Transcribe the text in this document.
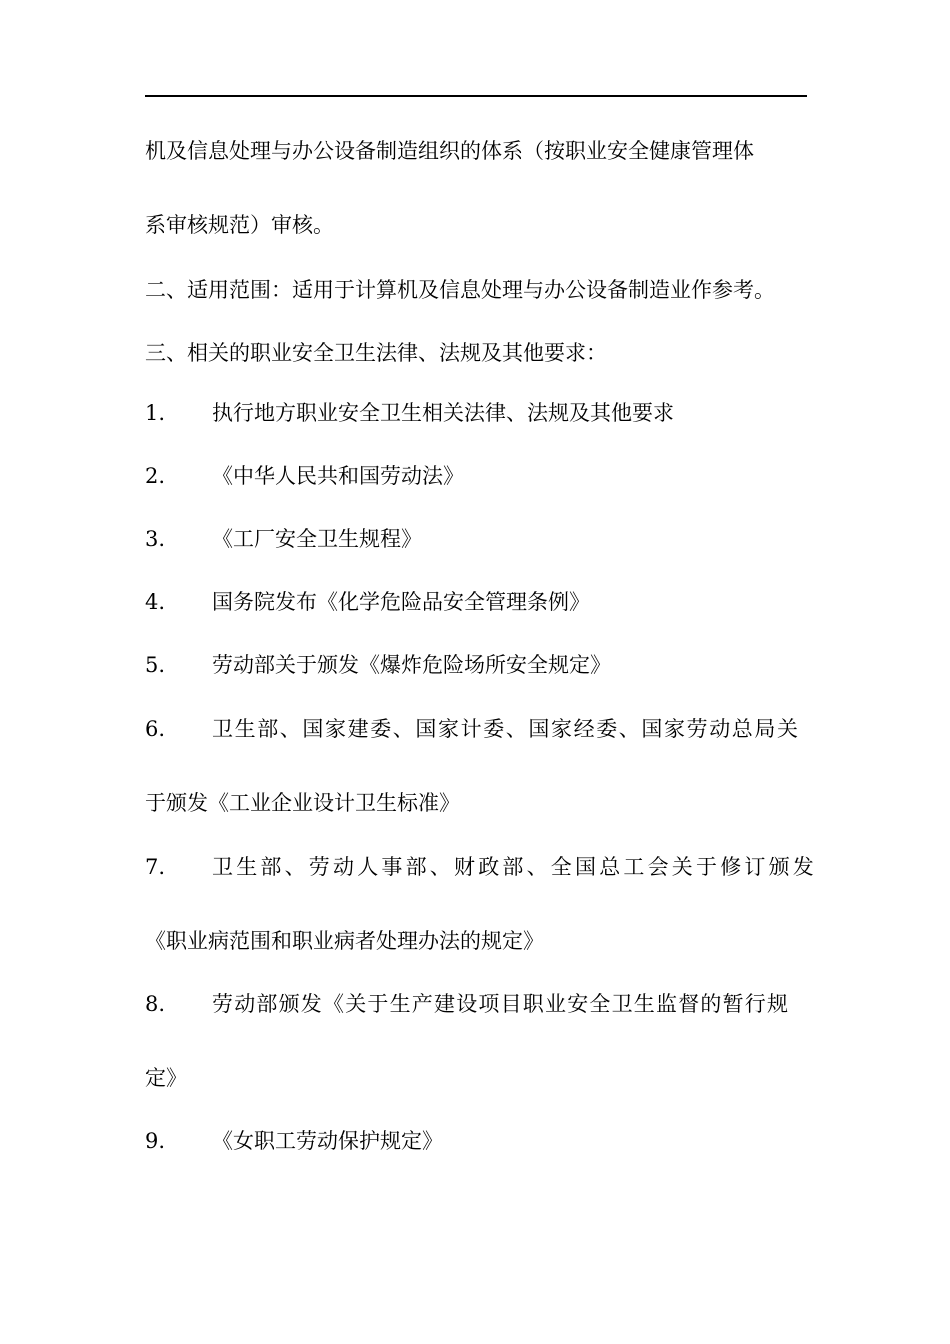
机及信息处理与办公设备制造组织的体系（按职业安全健康管理体
系审核规范）审核。
二、适用范围：适用于计算机及信息处理与办公设备制造业作参考。
三、相关的职业安全卫生法律、法规及其他要求：
1. 执行地方职业安全卫生相关法律、法规及其他要求
2. 《中华人民共和国劳动法》
3. 《工厂安全卫生规程》
4. 国务院发布《化学危险品安全管理条例》
5. 劳动部关于颁发《爆炸危险场所安全规定》
6. 卫生部、国家建委、国家计委、国家经委、国家劳动总局关
于颁发《工业企业设计卫生标准》
7. 卫生部、劳动人事部、财政部、全国总工会关于修订颁发
《职业病范围和职业病者处理办法的规定》
8. 劳动部颁发《关于生产建设项目职业安全卫生监督的暂行规
定》
9. 《女职工劳动保护规定》
